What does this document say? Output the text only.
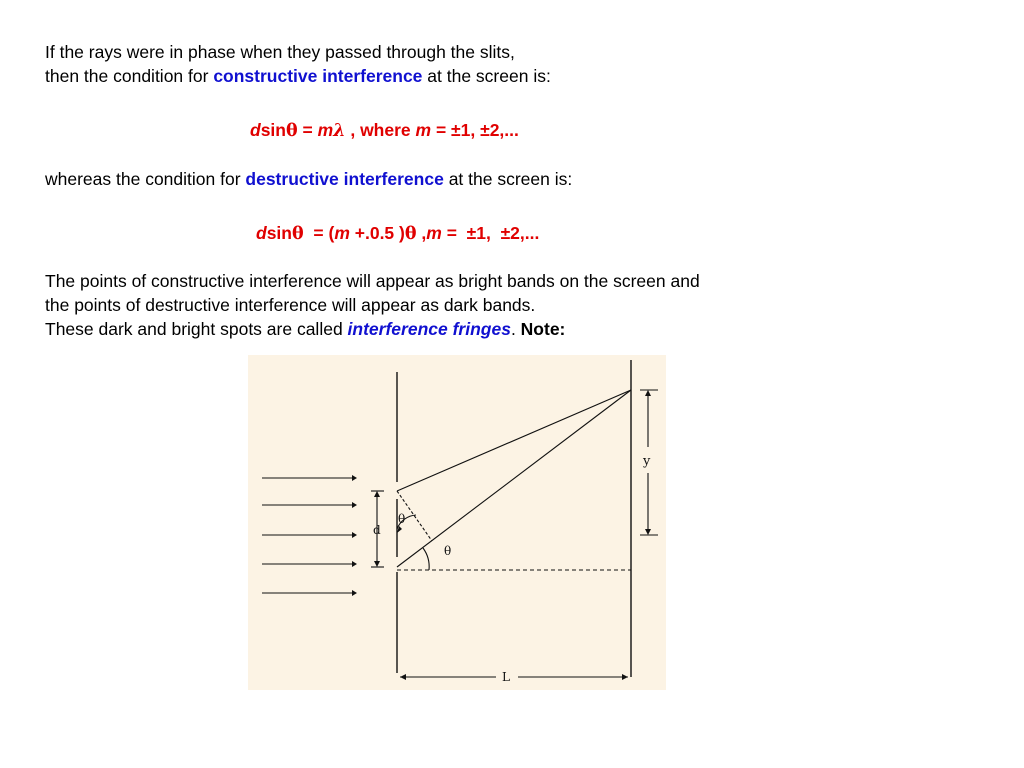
If the rays were in phase when they passed through the slits,
then the condition for constructive interference at the screen is:
dsinθ = mλ , where m = ±1, ±2,...
whereas the condition for destructive interference at the screen is:
dsinθ  = (m +.0.5 )θ ,m =  ±1,  ±2,...
The points of constructive interference will appear as bright bands on the screen and
the points of destructive interference will appear as dark bands.
These dark and bright spots are called interference fringes. Note:
θ
θ
d
y
L
